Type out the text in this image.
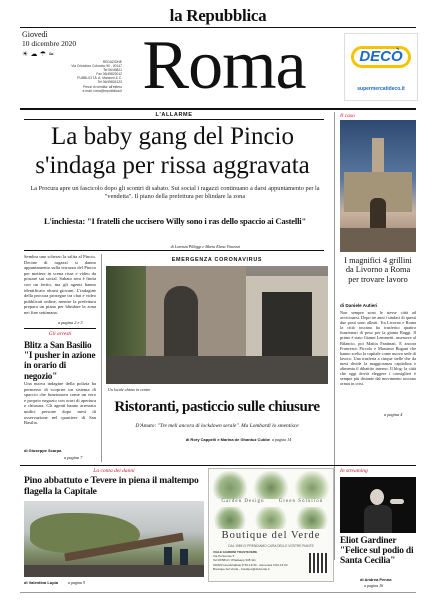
la Repubblica
Giovedì
10 dicembre 2020
☀ ☁ ☂ ≈
REDAZIONE
Via Cristoforo Colombo 90 - 00147
Tel 06/49821
Fax 06/49823012
PUBBLICITÀ: A. Manzoni & C.
Tel 06/49824123
Prezzi di vendita: all'estero
e-mail: roma@repubblica.it Roma	DECÒ
supermercatideco.it
L'ALLARME
La baby gang del Pincio
s'indaga per rissa aggravata
La Procura apre un fascicolo dopo gli scontri di sabato. Sui social i ragazzi continuano a darsi appuntamento per la "vendetta". Il piano della prefettura per blindare la zona
L'inchiesta: "I fratelli che uccisero Willy sono i ras dello spaccio ai Castelli"
di Lorenza Pilleggi e Maria Elena Vincenzi
Il caso
I magnifici 4 grillini da Livorno a Roma per trovare lavoro
di Daniele Autieri
Non sempre sono le stesse città ad avvicinarsi. Dopo tre anni i sindaci di questi due posti sono alleati. Tra Livorno e Roma la città toscana ha trasferito quattro funzionari di peso per la giunta Raggi. Il primo è stato Gianni Lemmetti, assessore al Bilancio, poi Mattia Fantinati. E ancora Francesco Piccolo e Massimo Bugani che hanno scelto la capitale come nuova sede di lavoro. Una trasferta a cinque stelle che da mesi divide la maggioranza capitolina e alimenta il dibattito interno. Il blog: la città che oggi dovrà eleggere i consiglieri è sempre più distante dal movimento toscano ormai in crisi.
a pagina 4
Sembra uno scherzo la salita al Pincio. Decine di ragazzi si danno appuntamento sulla terrazza del Pincio per mettere in scena risse e video da postare sui social. Sabato sera è finita con un ferito, ma gli agenti hanno identificato alcuni giovani. L'indagine della procura prosegue tra chat e video pubblicati online, mentre la prefettura prepara un piano per blindare la zona nei fine settimana.
a pagina 2 e 3
Gli arresti
Blitz a San Basilio "I pusher in azione in orario di negozio"
Una nuova indagine della polizia ha permesso di scoprire un sistema di spaccio che funzionava come un vero e proprio negozio con orari di apertura e chiusura. Gli agenti hanno arrestato undici persone dopo mesi di osservazione nel quartiere di San Basilio.
di Giuseppe Scarpa
a pagina 7
EMERGENZA CORONAVIRUS
Un locale chiuso in centro
Ristoranti, pasticcio sulle chiusure
D'Amato: "Tre meli ancora di lockdown serale". Ma Lombardi lo smentisce
di Rory Cappelli e Marina de Ghantuz Cubbe a pagina 14
La conta dei danni
Pino abbattuto e Tevere in piena il maltempo flagella la Capitale
di Valentina Lupia a pagina 9
Garden Design	Green Solution
Boutique del Verde
DAL 1989 CI PRENDIAMO CURA DELLE VOSTRE PIANTE
VIALE GIARDINI TRASTEVERE
Via Portuense 5
Tel 06/5813 / Whatsapp 338 111
ORARI lunedì/sabato 8:30-19:30 - domenica 9:00-13:00
Boutique del Verde - boutique@delverde.it
In streaming
Eliot Gardiner "Felice sul podio di Santa Cecilia"
di Andrea Penna
a pagina 16
